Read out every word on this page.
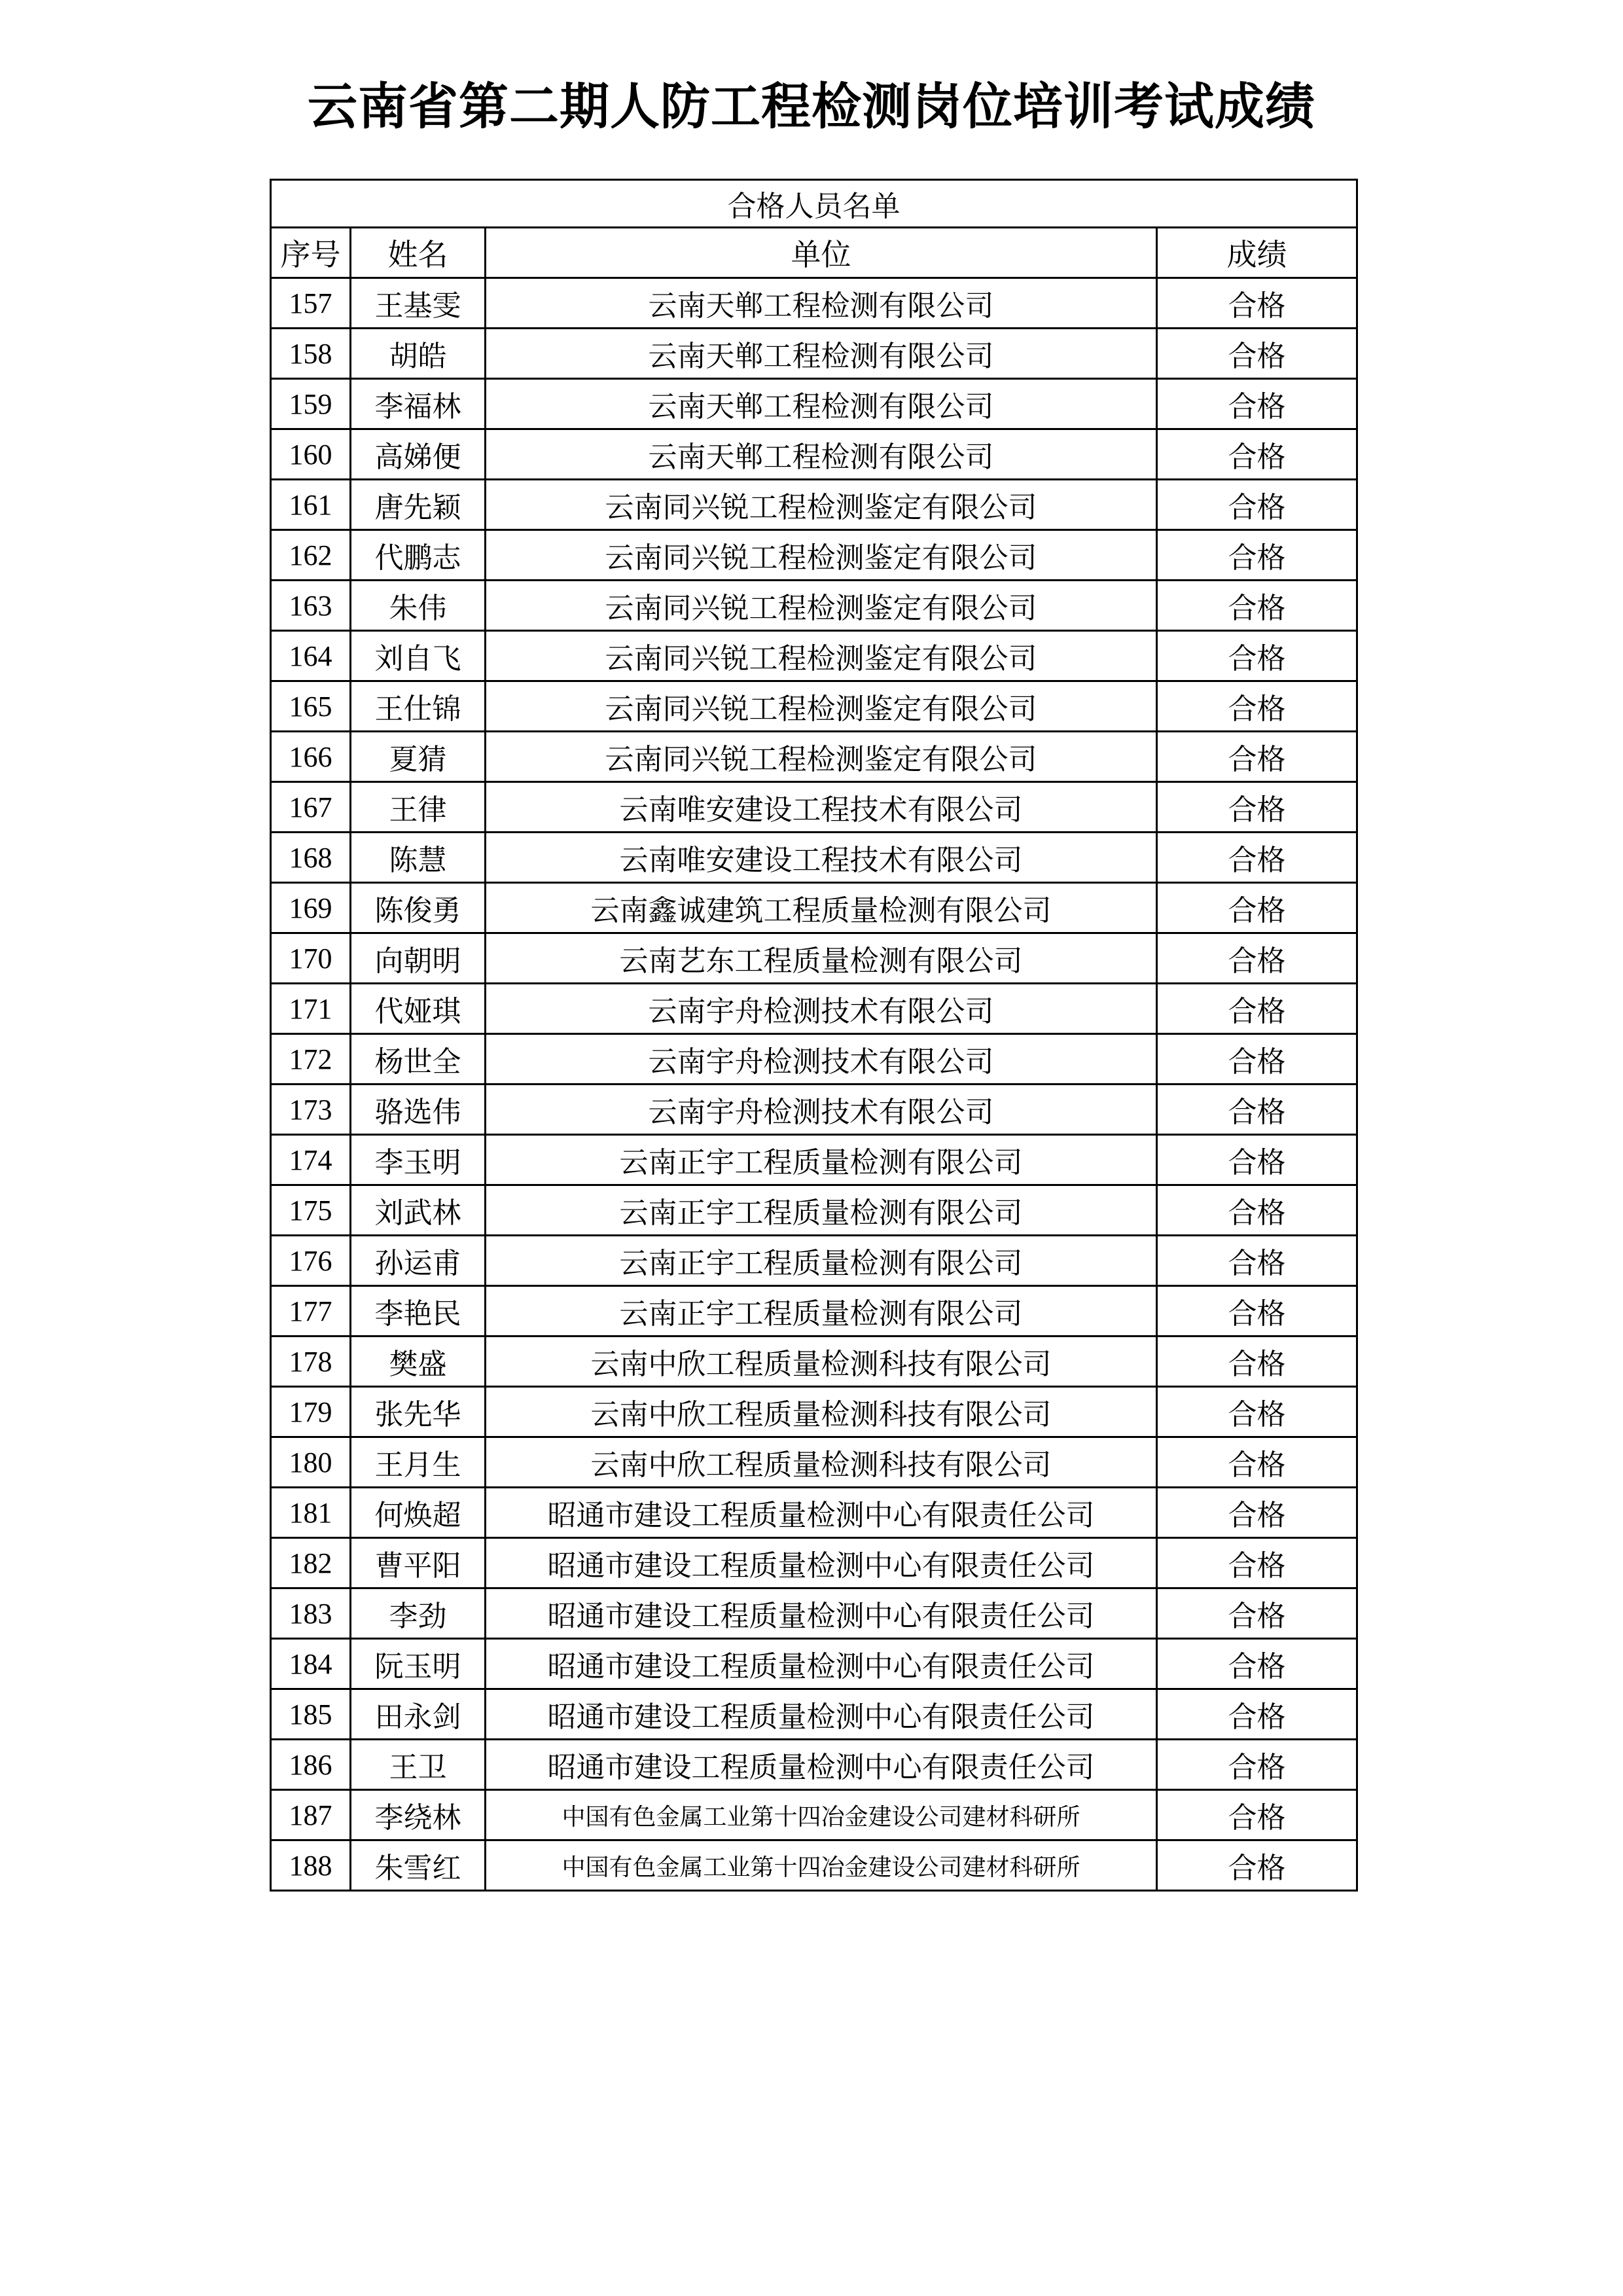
云南省第二期人防工程检测岗位培训考试成绩
合格人员名单			
序号	姓名	单位	成绩
157	王基雯	云南天郸工程检测有限公司	合格
158	胡皓	云南天郸工程检测有限公司	合格
159	李福林	云南天郸工程检测有限公司	合格
160	高娣便	云南天郸工程检测有限公司	合格
161	唐先颖	云南同兴锐工程检测鉴定有限公司	合格
162	代鹏志	云南同兴锐工程检测鉴定有限公司	合格
163	朱伟	云南同兴锐工程检测鉴定有限公司	合格
164	刘自飞	云南同兴锐工程检测鉴定有限公司	合格
165	王仕锦	云南同兴锐工程检测鉴定有限公司	合格
166	夏猜	云南同兴锐工程检测鉴定有限公司	合格
167	王律	云南唯安建设工程技术有限公司	合格
168	陈慧	云南唯安建设工程技术有限公司	合格
169	陈俊勇	云南鑫诚建筑工程质量检测有限公司	合格
170	向朝明	云南艺东工程质量检测有限公司	合格
171	代娅琪	云南宇舟检测技术有限公司	合格
172	杨世全	云南宇舟检测技术有限公司	合格
173	骆选伟	云南宇舟检测技术有限公司	合格
174	李玉明	云南正宇工程质量检测有限公司	合格
175	刘武林	云南正宇工程质量检测有限公司	合格
176	孙运甫	云南正宇工程质量检测有限公司	合格
177	李艳民	云南正宇工程质量检测有限公司	合格
178	樊盛	云南中欣工程质量检测科技有限公司	合格
179	张先华	云南中欣工程质量检测科技有限公司	合格
180	王月生	云南中欣工程质量检测科技有限公司	合格
181	何焕超	昭通市建设工程质量检测中心有限责任公司	合格
182	曹平阳	昭通市建设工程质量检测中心有限责任公司	合格
183	李劲	昭通市建设工程质量检测中心有限责任公司	合格
184	阮玉明	昭通市建设工程质量检测中心有限责任公司	合格
185	田永剑	昭通市建设工程质量检测中心有限责任公司	合格
186	王卫	昭通市建设工程质量检测中心有限责任公司	合格
187	李绕林	中国有色金属工业第十四冶金建设公司建材科研所	合格
188	朱雪红	中国有色金属工业第十四冶金建设公司建材科研所	合格
